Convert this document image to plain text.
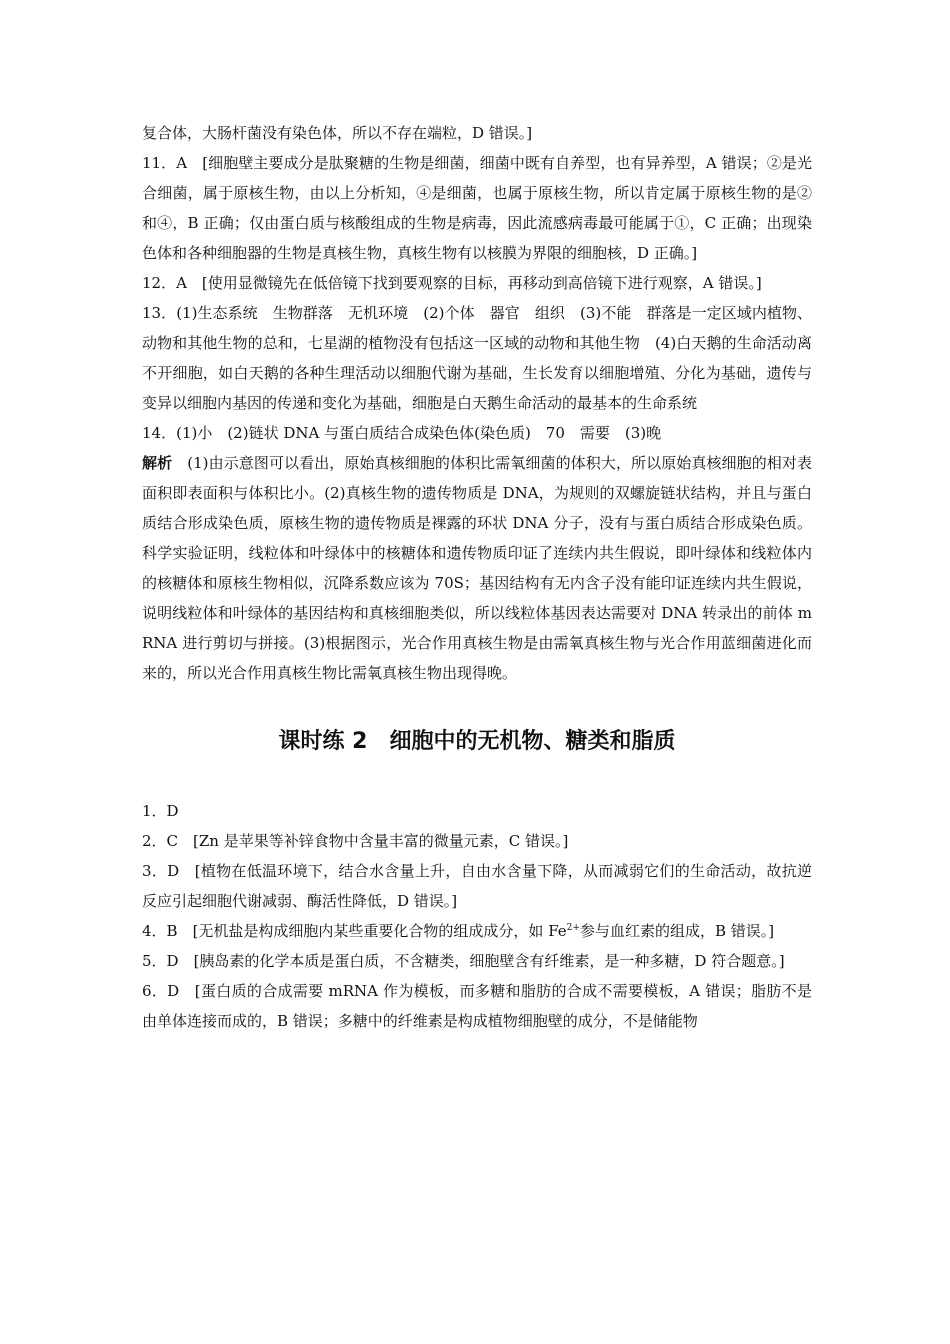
复合体，大肠杆菌没有染色体，所以不存在端粒，D 错误。]

11．A　[细胞壁主要成分是肽聚糖的生物是细菌，细菌中既有自养型，也有异养型，A 错误；②是光合细菌，属于原核生物，由以上分析知，④是细菌，也属于原核生物，所以肯定属于原核生物的是②和④，B 正确；仅由蛋白质与核酸组成的生物是病毒，因此流感病毒最可能属于①，C 正确；出现染色体和各种细胞器的生物是真核生物，真核生物有以核膜为界限的细胞核，D 正确。]

12．A　[使用显微镜先在低倍镜下找到要观察的目标，再移动到高倍镜下进行观察，A 错误。]

13．(1)生态系统　生物群落　无机环境　(2)个体　器官　组织　(3)不能　群落是一定区域内植物、动物和其他生物的总和，七星湖的植物没有包括这一区域的动物和其他生物　(4)白天鹅的生命活动离不开细胞，如白天鹅的各种生理活动以细胞代谢为基础，生长发育以细胞增殖、分化为基础，遗传与变异以细胞内基因的传递和变化为基础，细胞是白天鹅生命活动的最基本的生命系统

14．(1)小　(2)链状 DNA 与蛋白质结合成染色体(染色质)　70　需要　(3)晚

解析　(1)由示意图可以看出，原始真核细胞的体积比需氧细菌的体积大，所以原始真核细胞的相对表面积即表面积与体积比小。(2)真核生物的遗传物质是 DNA，为规则的双螺旋链状结构，并且与蛋白质结合形成染色质，原核生物的遗传物质是裸露的环状 DNA 分子，没有与蛋白质结合形成染色质。科学实验证明，线粒体和叶绿体中的核糖体和遗传物质印证了连续内共生假说，即叶绿体和线粒体内的核糖体和原核生物相似，沉降系数应该为 70S；基因结构有无内含子没有能印证连续内共生假说，说明线粒体和叶绿体的基因结构和真核细胞类似，所以线粒体基因表达需要对 DNA 转录出的前体 mRNA 进行剪切与拼接。(3)根据图示，光合作用真核生物是由需氧真核生物与光合作用蓝细菌进化而来的，所以光合作用真核生物比需氧真核生物出现得晚。

课时练 2　细胞中的无机物、糖类和脂质

1．D

2．C　[Zn 是苹果等补锌食物中含量丰富的微量元素，C 错误。]

3．D　[植物在低温环境下，结合水含量上升，自由水含量下降，从而减弱它们的生命活动，故抗逆反应引起细胞代谢减弱、酶活性降低，D 错误。]

4．B　[无机盐是构成细胞内某些重要化合物的组成成分，如 $Fe^{2+}$参与血红素的组成，B 错误。]

5．D　[胰岛素的化学本质是蛋白质，不含糖类，细胞壁含有纤维素，是一种多糖，D 符合题意。]

6．D　[蛋白质的合成需要 mRNA 作为模板，而多糖和脂肪的合成不需要模板，A 错误；脂肪不是由单体连接而成的，B 错误；多糖中的纤维素是构成植物细胞壁的成分，不是储能物
